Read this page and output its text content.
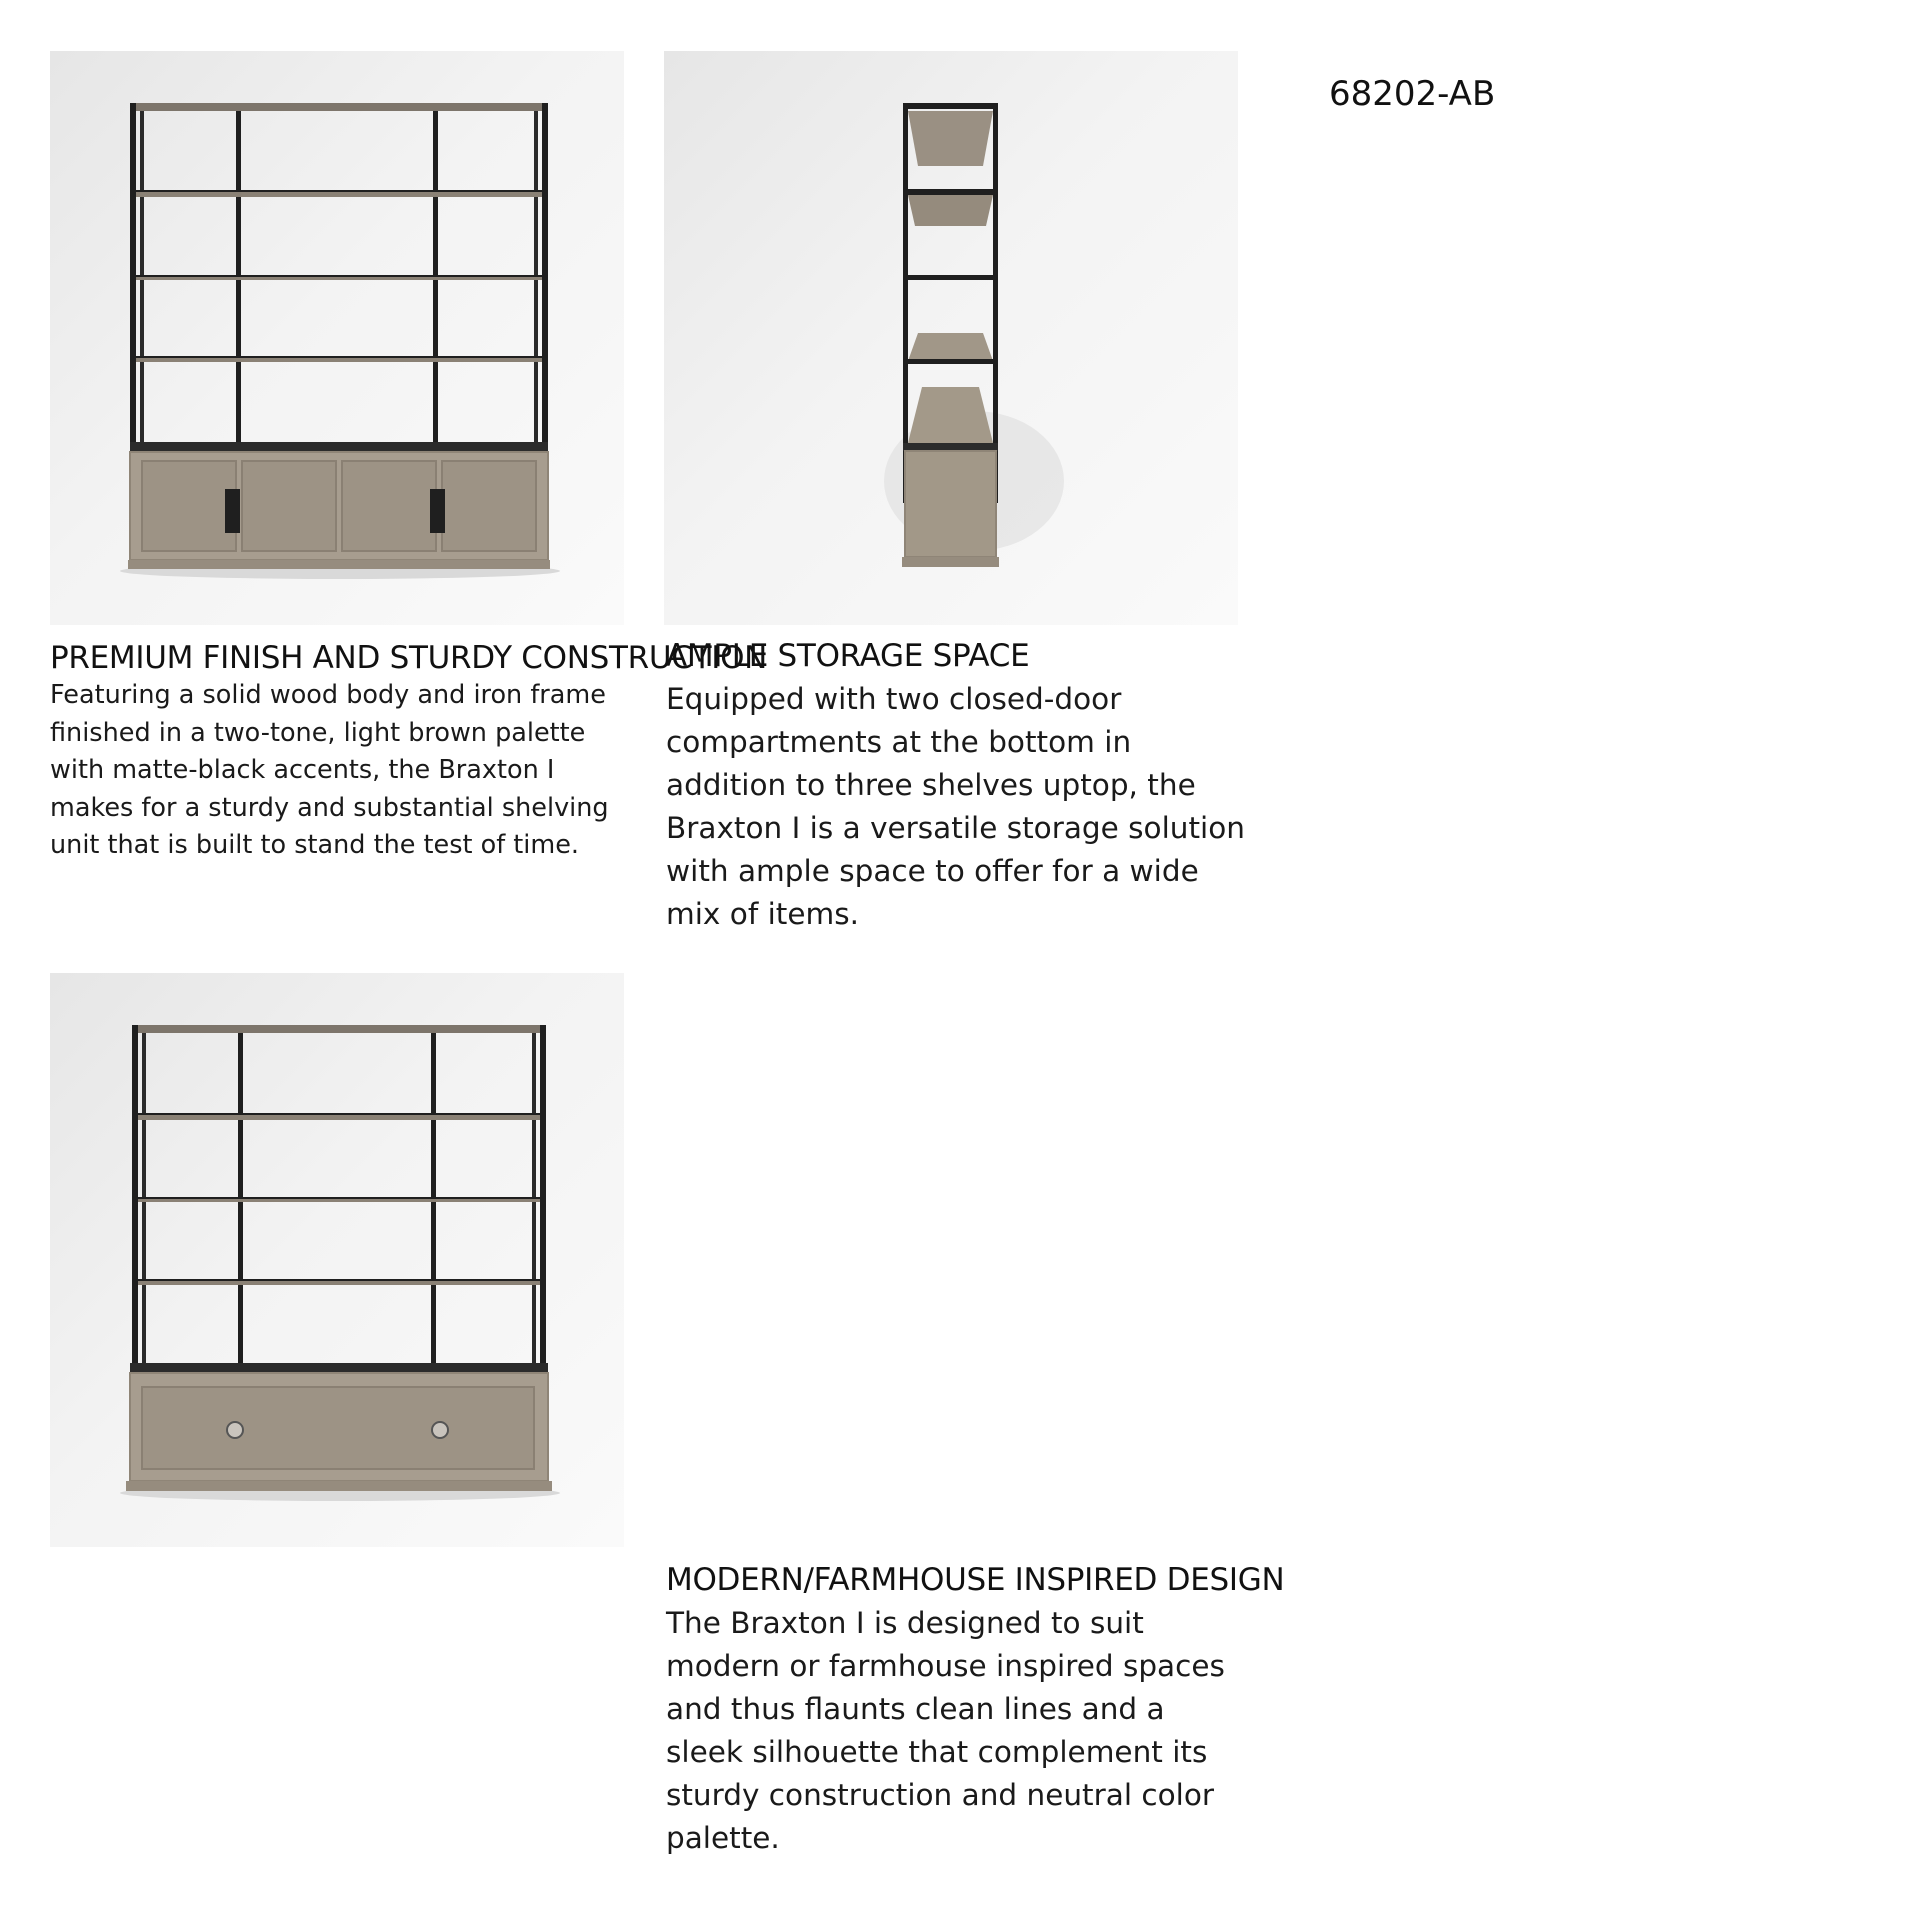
68202-AB
PREMIUM FINISH AND STURDY CONSTRUCTION

Featuring a solid wood body and iron frame finished in a two-tone, light brown palette with matte-black accents, the Braxton I makes for a sturdy and substantial shelving unit that is built to stand the test of time.

AMPLE STORAGE SPACE

Equipped with two closed-door compartments at the bottom in addition to three shelves uptop, the Braxton I is a versatile storage solution with ample space to offer for a wide mix of items.

MODERN/FARMHOUSE INSPIRED DESIGN

The Braxton I is designed to suit modern or farmhouse inspired spaces and thus flaunts clean lines and a sleek silhouette that complement its sturdy construction and neutral color palette.
